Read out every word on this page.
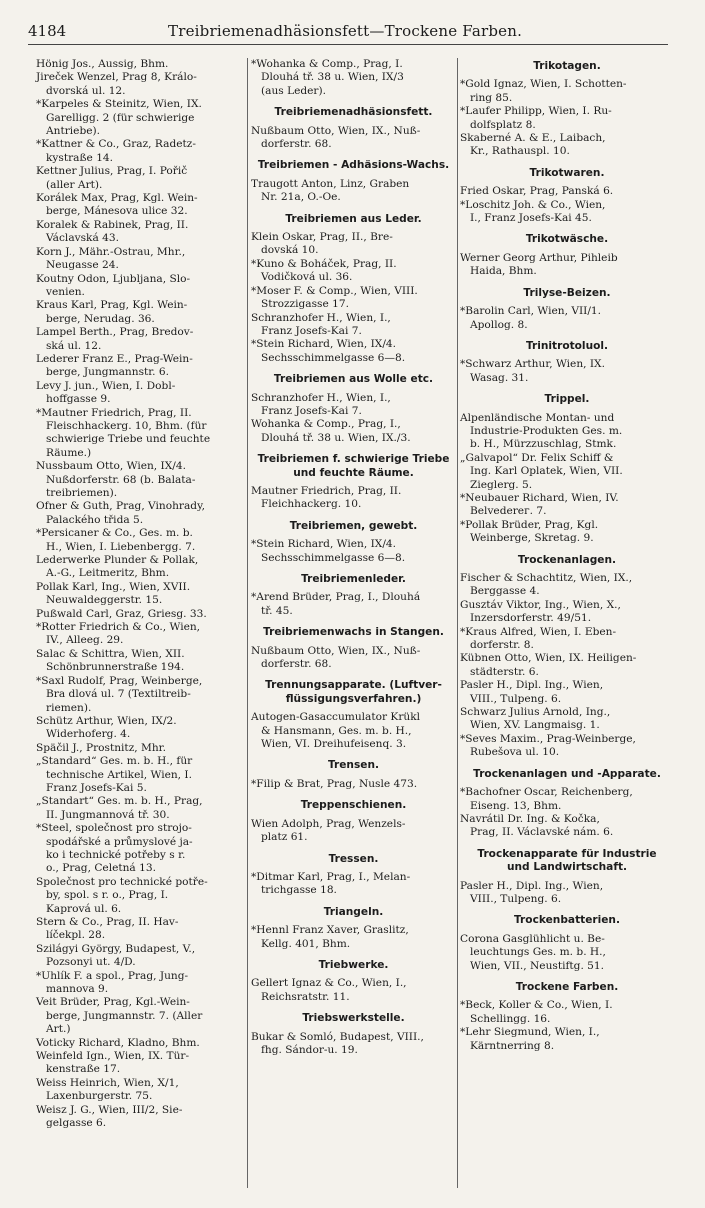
4184	Treibriemenadhäsionsfett—Trockene Farben.
Hönig Jos., Aussig, Bhm.
Jireček Wenzel, Prag 8, Králo-
dvorská ul. 12.
*Karpeles & Steinitz, Wien, IX.
Garelligg. 2 (für schwierige
Antriebe).
*Kattner & Co., Graz, Radetz-
kystraße 14.
Kettner Julius, Prag, I. Pořič
(aller Art).
Korálek Max, Prag, Kgl. Wein-
berge, Mánesova ulice 32.
Koralek & Rabinek, Prag, II.
Václavská 43.
Korn J., Mähr.-Ostrau, Mhr.,
Neugasse 24.
Koutny Odon, Ljubljana, Slo-
venien.
Kraus Karl, Prag, Kgl. Wein-
berge, Nerudag. 36.
Lampel Berth., Prag, Bredov-
ská ul. 12.
Lederer Franz E., Prag-Wein-
berge, Jungmannstr. 6.
Levy J. jun., Wien, I. Dobl-
hoffgasse 9.
*Mautner Friedrich, Prag, II.
Fleischhackerg. 10, Bhm. (für
schwierige Triebe und feuchte
Räume.)
Nussbaum Otto, Wien, IX/4.
Nußdorferstr. 68 (b. Balata-
treibriemen).
Ofner & Guth, Prag, Vinohrady,
Palackého třida 5.
*Persicaner & Co., Ges. m. b.
H., Wien, I. Liebenbergg. 7.
Lederwerke Plunder & Pollak,
A.-G., Leitmeritz, Bhm.
Pollak Karl, Ing., Wien, XVII.
Neuwaldeggerstr. 15.
Pußwald Carl, Graz, Griesg. 33.
*Rotter Friedrich & Co., Wien,
IV., Alleeg. 29.
Salac & Schittra, Wien, XII.
Schönbrunnerstraße 194.
*Saxl Rudolf, Prag, Weinberge,
Bra dlová ul. 7 (Textiltreib-
riemen).
Schütz Arthur, Wien, IX/2.
Widerhoferg. 4.
Späčil J., Prostnitz, Mhr.
„Standard“ Ges. m. b. H., für
technische Artikel, Wien, I.
Franz Josefs-Kai 5.
„Standart“ Ges. m. b. H., Prag,
II. Jungmannová tř. 30.
*Steel, společnost pro strojo-
spodářské a průmyslové ja-
ko i technické potřeby s r.
o., Prag, Celetná 13.
Společnost pro technické potře-
by, spol. s r. o., Prag, I.
Kaprová ul. 6.
Stern & Co., Prag, II. Hav-
líčekpl. 28.
Szilágyi György, Budapest, V.,
Pozsonyi ut. 4/D.
*Uhlík F. a spol., Prag, Jung-
mannova 9.
Veit Brüder, Prag, Kgl.-Wein-
berge, Jungmannstr. 7. (Aller
Art.)
Voticky Richard, Kladno, Bhm.
Weinfeld Ign., Wien, IX. Tür-
kenstraße 17.
Weiss Heinrich, Wien, X/1,
Laxenburgerstr. 75.
Weisz J. G., Wien, III/2, Sie-
gelgasse 6.
*Wohanka & Comp., Prag, I.
Dlouhá tř. 38 u. Wien, IX/3
(aus Leder).
Treibriemenadhäsionsfett.
Nußbaum Otto, Wien, IX., Nuß-
dorferstr. 68.
Treibriemen - Adhäsions-Wachs.
Traugott Anton, Linz, Graben
Nr. 21a, O.-Oe.
Treibriemen aus Leder.
Klein Oskar, Prag, II., Bre-
dovská 10.
*Kuno & Boháček, Prag, II.
Vodičková ul. 36.
*Moser F. & Comp., Wien, VIII.
Strozzigasse 17.
Schranzhofer H., Wien, I.,
Franz Josefs-Kai 7.
*Stein Richard, Wien, IX/4.
Sechsschimmelgasse 6—8.
Treibriemen aus Wolle etc.
Schranzhofer H., Wien, I.,
Franz Josefs-Kai 7.
Wohanka & Comp., Prag, I.,
Dlouhá tř. 38 u. Wien, IX./3.
Treibriemen f. schwierige Triebe
und feuchte Räume.
Mautner Friedrich, Prag, II.
Fleichhackerg. 10.
Treibriemen, gewebt.
*Stein Richard, Wien, IX/4.
Sechsschimmelgasse 6—8.
Treibriemenleder.
*Arend Brüder, Prag, I., Dlouhá
tř. 45.
Treibriemenwachs in Stangen.
Nußbaum Otto, Wien, IX., Nuß-
dorferstr. 68.
Trennungsapparate. (Luftver-
flüssigungsverfahren.)
Autogen-Gasaccumulator Krükl
& Hansmann, Ges. m. b. H.,
Wien, VI. Dreihufeisenq. 3.
Trensen.
*Filip & Brat, Prag, Nusle 473.
Treppenschienen.
Wien Adolph, Prag, Wenzels-
platz 61.
Tressen.
*Ditmar Karl, Prag, I., Melan-
trichgasse 18.
Triangeln.
*Hennl Franz Xaver, Graslitz,
Kellg. 401, Bhm.
Triebwerke.
Gellert Ignaz & Co., Wien, I.,
Reichsratstr. 11.
Triebswerkstelle.
Bukar & Somló, Budapest, VIII.,
fhg. Sándor-u. 19.
Trikotagen.
*Gold Ignaz, Wien, I. Schotten-
ring 85.
*Laufer Philipp, Wien, I. Ru-
dolfsplatz 8.
Skaberné A. & E., Laibach,
Kr., Rathauspl. 10.
Trikotwaren.
Fried Oskar, Prag, Panská 6.
*Loschitz Joh. & Co., Wien,
I., Franz Josefs-Kai 45.
Trikotwäsche.
Werner Georg Arthur, Pihleib
Haida, Bhm.
Trilyse-Beizen.
*Barolin Carl, Wien, VII/1.
Apollog. 8.
Trinitrotoluol.
*Schwarz Arthur, Wien, IX.
Wasag. 31.
Trippel.
Alpenländische Montan- und
Industrie-Produkten Ges. m.
b. H., Mürzzuschlag, Stmk.
„Galvapol“ Dr. Felix Schiff &
Ing. Karl Oplatek, Wien, VII.
Zieglerg. 5.
*Neubauer Richard, Wien, IV.
Belvederег. 7.
*Pollak Brüder, Prag, Kgl.
Weinberge, Skretag. 9.
Trockenanlagen.
Fischer & Schachtitz, Wien, IX.,
Berggasse 4.
Gusztáv Viktor, Ing., Wien, X.,
Inzersdorferstr. 49/51.
*Kraus Alfred, Wien, I. Eben-
dorferstr. 8.
Kübnen Otto, Wien, IX. Heiligen-
städterstr. 6.
Pasler H., Dipl. Ing., Wien,
VIII., Tulpeng. 6.
Schwarz Julius Arnold, Ing.,
Wien, XV. Langmaisg. 1.
*Seves Maxim., Prag-Weinberge,
Rubešova ul. 10.
Trockenanlagen und -Apparate.
*Bachofner Oscar, Reichenberg,
Eiseng. 13, Bhm.
Navrátil Dr. Ing. & Kočka,
Prag, II. Václavské nám. 6.
Trockenapparate für Industrie
und Landwirtschaft.
Pasler H., Dipl. Ing., Wien,
VIII., Tulpeng. 6.
Trockenbatterien.
Corona Gasglühlicht u. Be-
leuchtungs Ges. m. b. H.,
Wien, VII., Neustiftg. 51.
Trockene Farben.
*Beck, Koller & Co., Wien, I.
Schellingg. 16.
*Lehr Siegmund, Wien, I.,
Kärntnerring 8.
